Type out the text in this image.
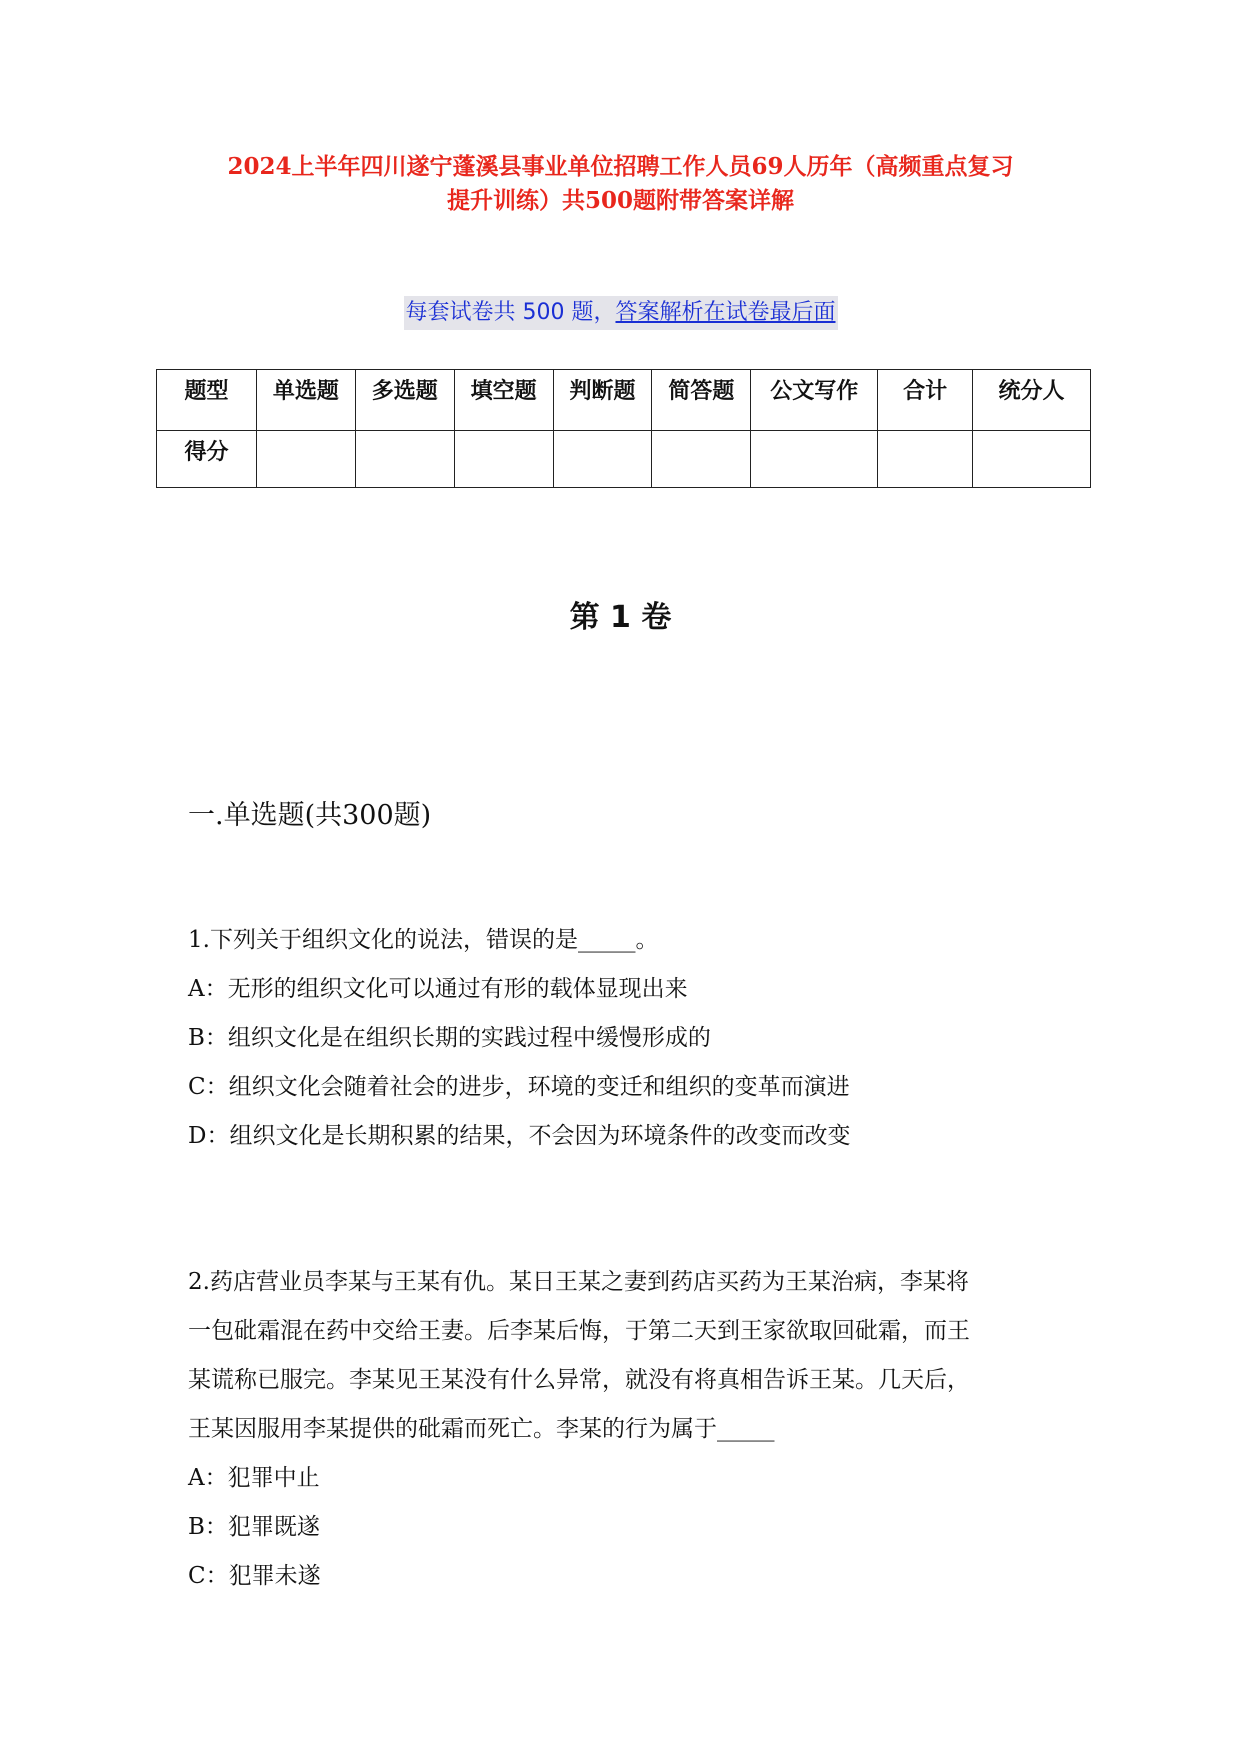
2024上半年四川遂宁蓬溪县事业单位招聘工作人员69人历年（高频重点复习
提升训练）共500题附带答案详解
每套试卷共 500 题，答案解析在试卷最后面
题型	单选题	多选题	填空题	判断题	简答题	公文写作	合计	统分人
得分								
第 1 卷
一.单选题(共300题)

1.下列关于组织文化的说法，错误的是_____。

A：无形的组织文化可以通过有形的载体显现出来

B：组织文化是在组织长期的实践过程中缓慢形成的

C：组织文化会随着社会的进步，环境的变迁和组织的变革而演进

D：组织文化是长期积累的结果，不会因为环境条件的改变而改变

2.药店营业员李某与王某有仇。某日王某之妻到药店买药为王某治病，李某将

一包砒霜混在药中交给王妻。后李某后悔，于第二天到王家欲取回砒霜，而王

某谎称已服完。李某见王某没有什么异常，就没有将真相告诉王某。几天后，

王某因服用李某提供的砒霜而死亡。李某的行为属于_____

A：犯罪中止

B：犯罪既遂

C：犯罪未遂
